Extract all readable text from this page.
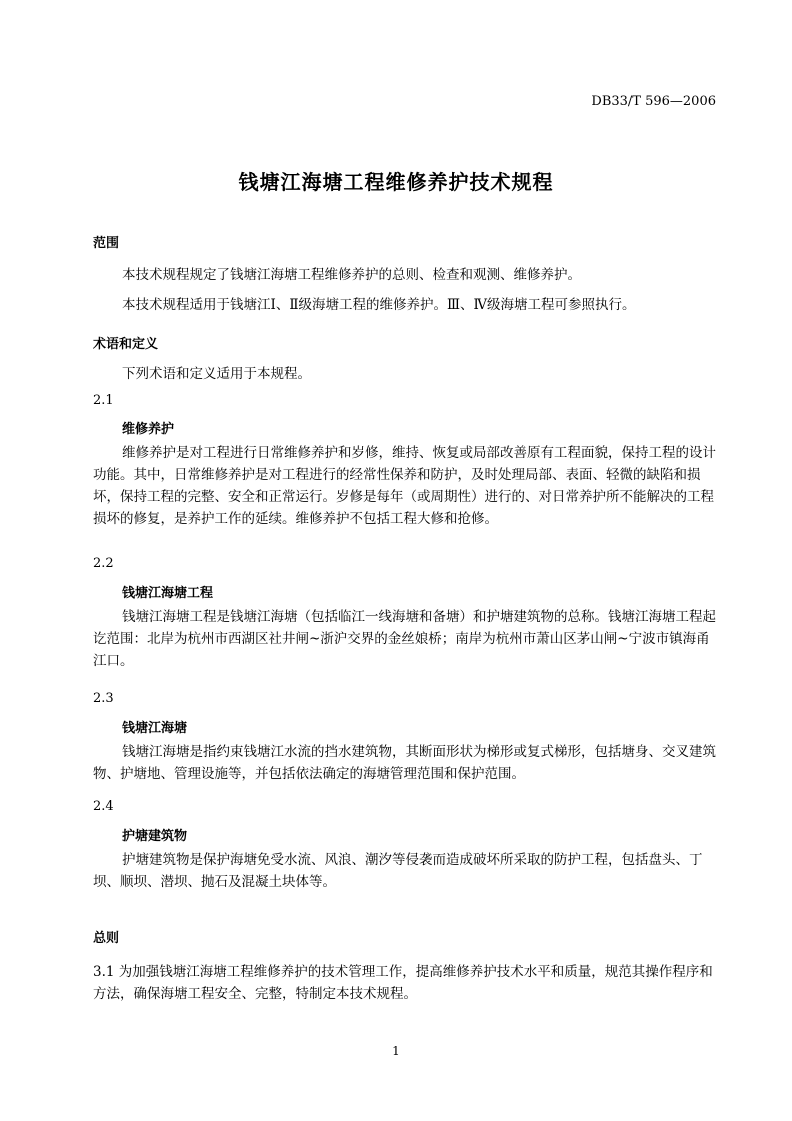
DB33/T 596—2006
钱塘江海塘工程维修养护技术规程
范围
本技术规程规定了钱塘江海塘工程维修养护的总则、检查和观测、维修养护。
本技术规程适用于钱塘江Ⅰ、Ⅱ级海塘工程的维修养护。Ⅲ、Ⅳ级海塘工程可参照执行。
术语和定义
下列术语和定义适用于本规程。
2.1
维修养护
维修养护是对工程进行日常维修养护和岁修，维持、恢复或局部改善原有工程面貌，保持工程的设计功能。其中，日常维修养护是对工程进行的经常性保养和防护，及时处理局部、表面、轻微的缺陷和损坏，保持工程的完整、安全和正常运行。岁修是每年（或周期性）进行的、对日常养护所不能解决的工程损坏的修复，是养护工作的延续。维修养护不包括工程大修和抢修。
2.2
钱塘江海塘工程
钱塘江海塘工程是钱塘江海塘（包括临江一线海塘和备塘）和护塘建筑物的总称。钱塘江海塘工程起讫范围：北岸为杭州市西湖区社井闸~浙沪交界的金丝娘桥；南岸为杭州市萧山区茅山闸~宁波市镇海甬江口。
2.3
钱塘江海塘
钱塘江海塘是指约束钱塘江水流的挡水建筑物，其断面形状为梯形或复式梯形，包括塘身、交叉建筑物、护塘地、管理设施等，并包括依法确定的海塘管理范围和保护范围。
2.4
护塘建筑物
护塘建筑物是保护海塘免受水流、风浪、潮汐等侵袭而造成破坏所采取的防护工程，包括盘头、丁坝、顺坝、潜坝、抛石及混凝土块体等。
总则
3.1 为加强钱塘江海塘工程维修养护的技术管理工作，提高维修养护技术水平和质量，规范其操作程序和方法，确保海塘工程安全、完整，特制定本技术规程。
1
